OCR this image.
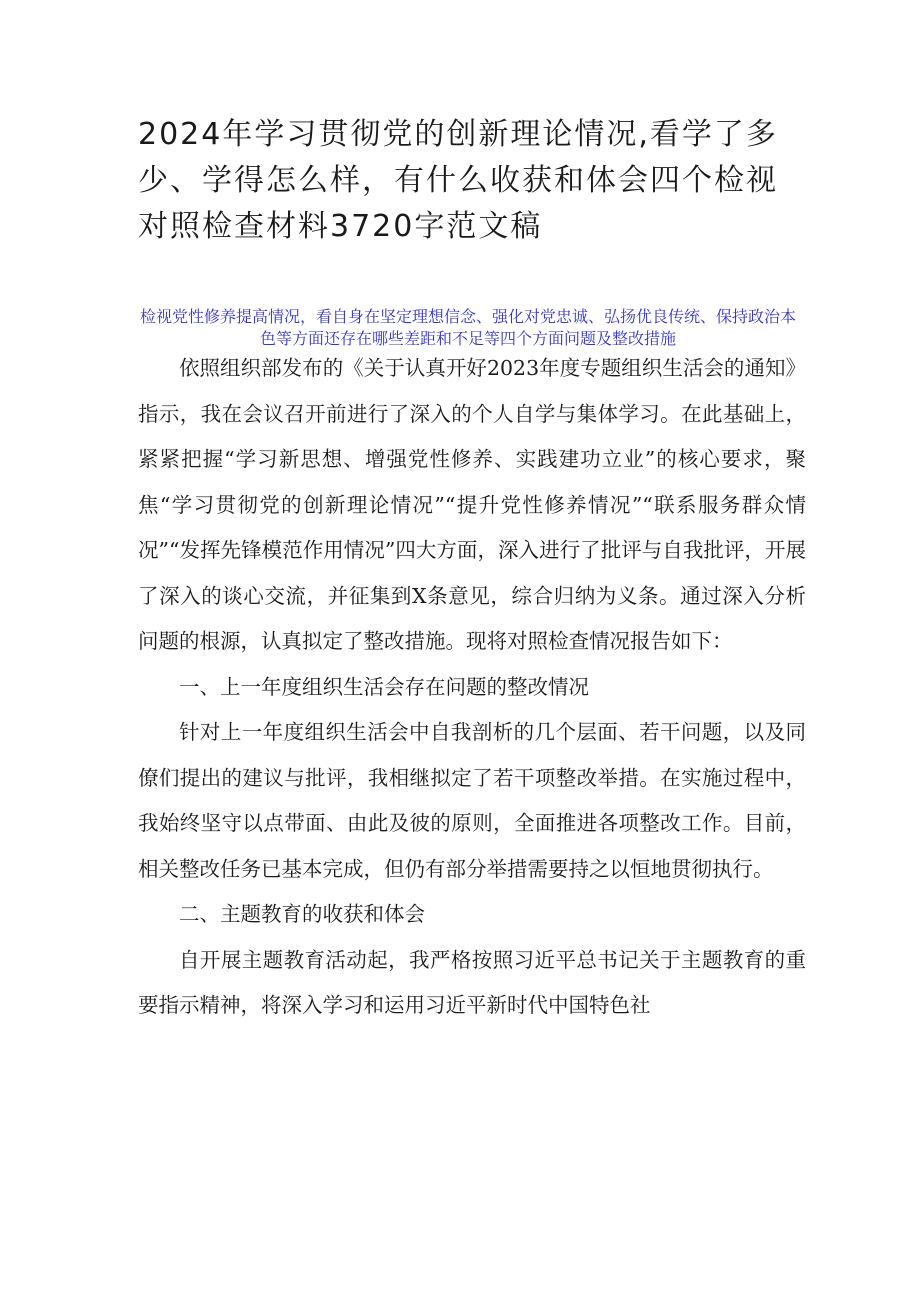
2024年学习贯彻党的创新理论情况,看学了多少、学得怎么样，有什么收获和体会四个检视对照检查材料3720字范文稿
检视党性修养提高情况，看自身在坚定理想信念、强化对党忠诚、弘扬优良传统、保持政治本色等方面还存在哪些差距和不足等四个方面问题及整改措施

依照组织部发布的《关于认真开好2023年度专题组织生活会的通知》指示，我在会议召开前进行了深入的个人自学与集体学习。在此基础上，紧紧把握“学习新思想、增强党性修养、实践建功立业”的核心要求，聚焦“学习贯彻党的创新理论情况”“提升党性修养情况”“联系服务群众情况”“发挥先锋模范作用情况”四大方面，深入进行了批评与自我批评，开展了深入的谈心交流，并征集到X条意见，综合归纳为义条。通过深入分析问题的根源，认真拟定了整改措施。现将对照检查情况报告如下：

一、上一年度组织生活会存在问题的整改情况

针对上一年度组织生活会中自我剖析的几个层面、若干问题，以及同僚们提出的建议与批评，我相继拟定了若干项整改举措。在实施过程中，我始终坚守以点带面、由此及彼的原则，全面推进各项整改工作。目前，相关整改任务已基本完成，但仍有部分举措需要持之以恒地贯彻执行。

二、主题教育的收获和体会

自开展主题教育活动起，我严格按照习近平总书记关于主题教育的重要指示精神，将深入学习和运用习近平新时代中国特色社
